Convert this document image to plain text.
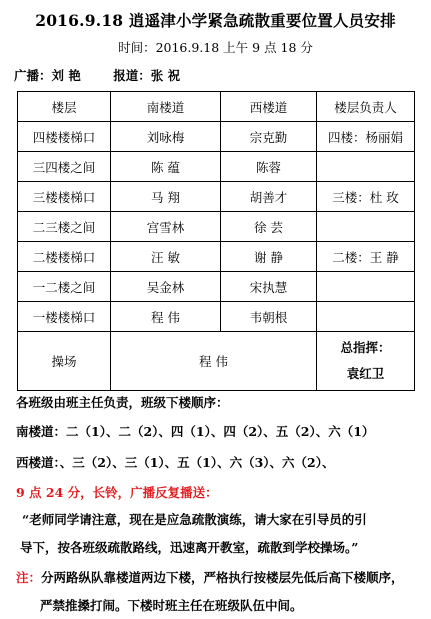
2016.9.18 逍遥津小学紧急疏散重要位置人员安排
时间：2016.9.18 上午 9 点 18 分
广播：刘 艳	报道：张 祝
楼层	南楼道	西楼道	楼层负责人
四楼楼梯口	刘咏梅	宗克勤	四楼：杨丽娟
三四楼之间	陈 蕴	陈蓉	
三楼楼梯口	马 翔	胡善才	三楼：杜 玫
二三楼之间	宫雪林	徐 芸	
二楼楼梯口	汪 敏	谢 静	二楼：王 静
一二楼之间	吴金林	宋执慧	
一楼楼梯口	程 伟	韦朝根	
操场	程 伟		总指挥：
袁红卫
各班级由班主任负责，班级下楼顺序：
南楼道：二（1）、二（2）、四（1）、四（2）、五（2）、六（1）
西楼道：、三（2）、三（1）、五（1）、六（3）、六（2）、
9 点 24 分，长铃，广播反复播送：
“老师同学请注意，现在是应急疏散演练，请大家在引导员的引
导下，按各班级疏散路线，迅速离开教室，疏散到学校操场。”
注：分两路纵队靠楼道两边下楼，严格执行按楼层先低后高下楼顺序，
严禁推搡打闹。下楼时班主任在班级队伍中间。
